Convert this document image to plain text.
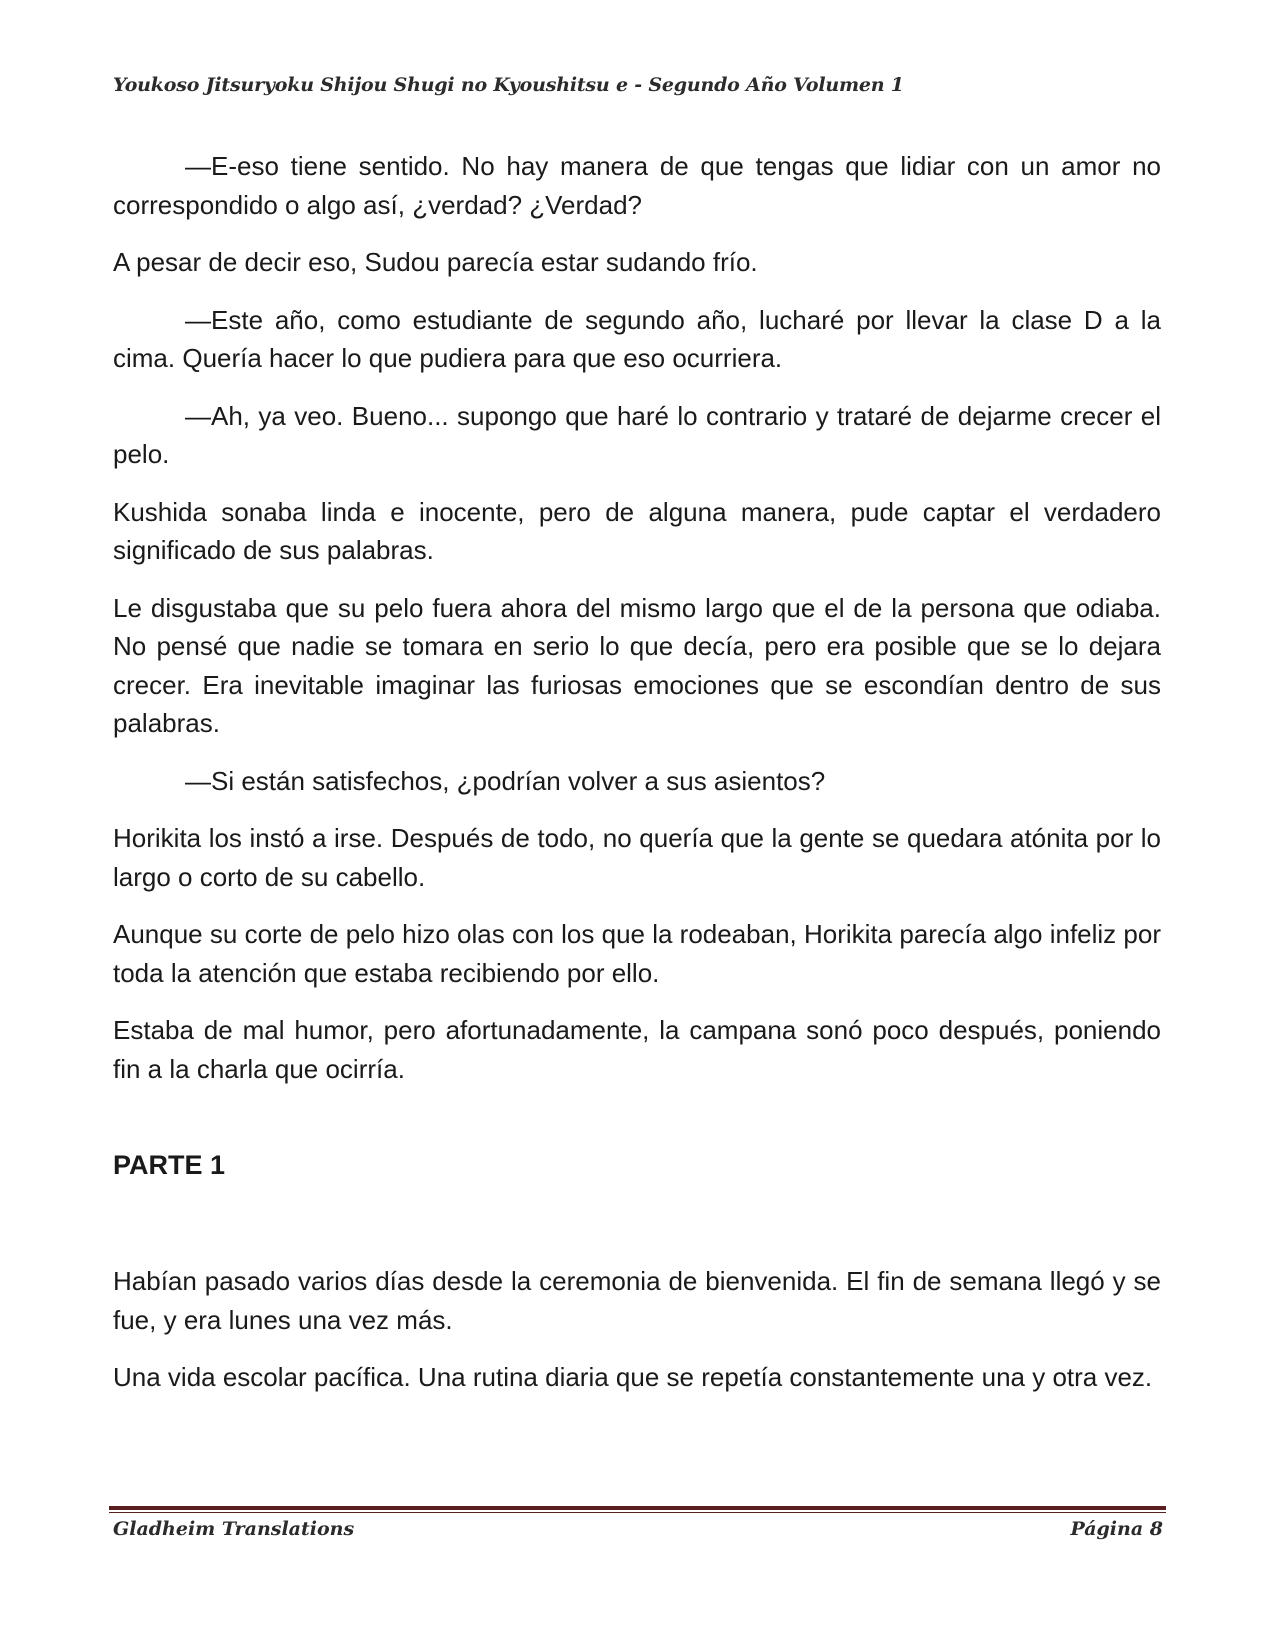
Youkoso Jitsuryoku Shijou Shugi no Kyoushitsu e - Segundo Año Volumen 1

—E-eso tiene sentido. No hay manera de que tengas que lidiar con un amor no correspondido o algo así, ¿verdad? ¿Verdad?

A pesar de decir eso, Sudou parecía estar sudando frío.

—Este año, como estudiante de segundo año, lucharé por llevar la clase D a la cima. Quería hacer lo que pudiera para que eso ocurriera.

—Ah, ya veo. Bueno... supongo que haré lo contrario y trataré de dejarme crecer el pelo.

Kushida sonaba linda e inocente, pero de alguna manera, pude captar el verdadero significado de sus palabras.

Le disgustaba que su pelo fuera ahora del mismo largo que el de la persona que odiaba. No pensé que nadie se tomara en serio lo que decía, pero era posible que se lo dejara crecer. Era inevitable imaginar las furiosas emociones que se escondían dentro de sus palabras.

—Si están satisfechos, ¿podrían volver a sus asientos?

Horikita los instó a irse. Después de todo, no quería que la gente se quedara atónita por lo largo o corto de su cabello.

Aunque su corte de pelo hizo olas con los que la rodeaban, Horikita parecía algo infeliz por toda la atención que estaba recibiendo por ello.

Estaba de mal humor, pero afortunadamente, la campana sonó poco después, poniendo fin a la charla que ocirría.

PARTE 1

Habían pasado varios días desde la ceremonia de bienvenida. El fin de semana llegó y se fue, y era lunes una vez más.

Una vida escolar pacífica. Una rutina diaria que se repetía constantemente una y otra vez.

Gladheim Translations	Página 8
